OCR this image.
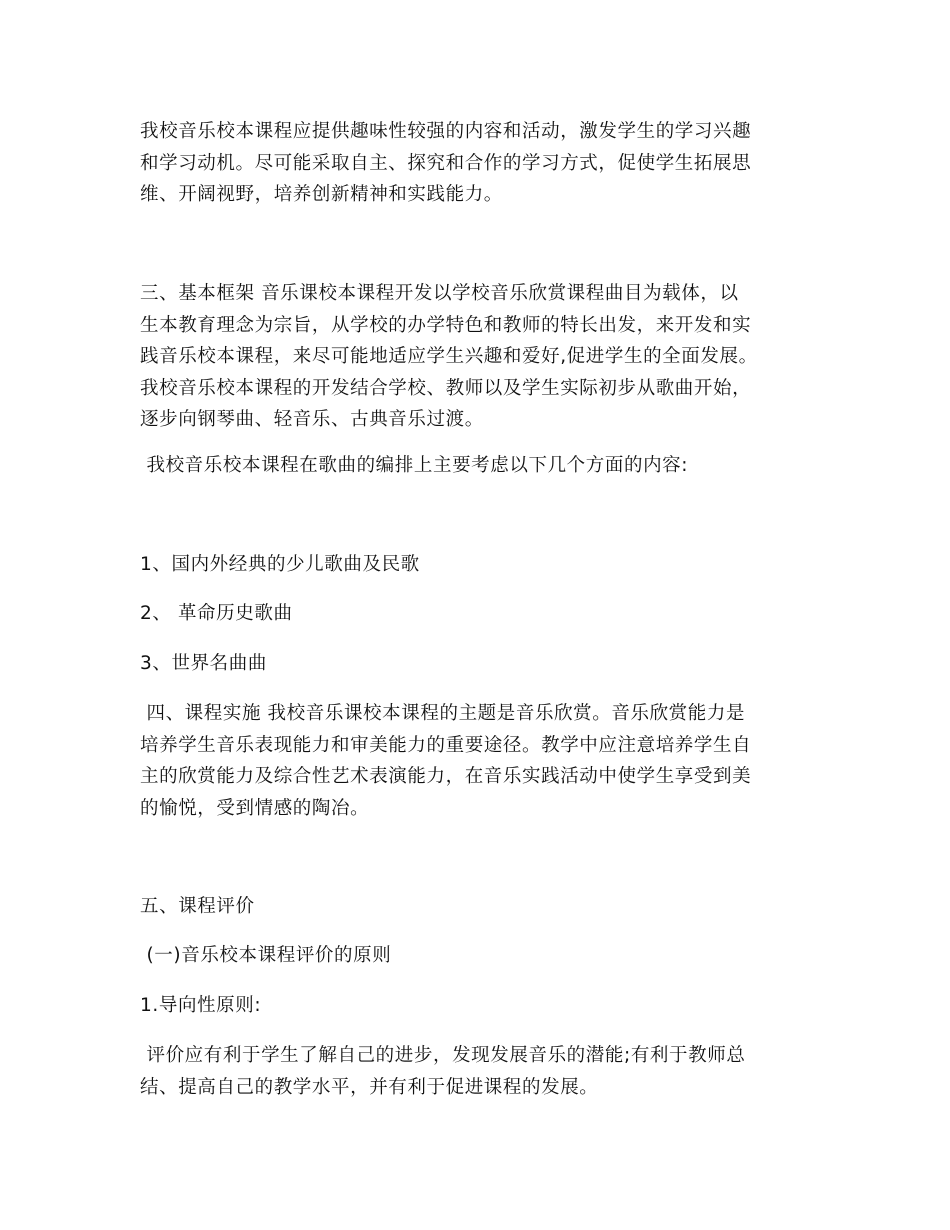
我校音乐校本课程应提供趣味性较强的内容和活动，激发学生的学习兴趣
和学习动机。尽可能采取自主、探究和合作的学习方式，促使学生拓展思
维、开阔视野，培养创新精神和实践能力。
三、基本框架 音乐课校本课程开发以学校音乐欣赏课程曲目为载体，以
生本教育理念为宗旨，从学校的办学特色和教师的特长出发，来开发和实
践音乐校本课程，来尽可能地适应学生兴趣和爱好,促进学生的全面发展。
我校音乐校本课程的开发结合学校、教师以及学生实际初步从歌曲开始，
逐步向钢琴曲、轻音乐、古典音乐过渡。
我校音乐校本课程在歌曲的编排上主要考虑以下几个方面的内容:
1、国内外经典的少儿歌曲及民歌
2、 革命历史歌曲
3、世界名曲曲
四、课程实施 我校音乐课校本课程的主题是音乐欣赏。音乐欣赏能力是
培养学生音乐表现能力和审美能力的重要途径。教学中应注意培养学生自
主的欣赏能力及综合性艺术表演能力，在音乐实践活动中使学生享受到美
的愉悦，受到情感的陶冶。
五、课程评价
(一)音乐校本课程评价的原则
1.导向性原则:
评价应有利于学生了解自己的进步，发现发展音乐的潜能;有利于教师总
结、提高自己的教学水平，并有利于促进课程的发展。
